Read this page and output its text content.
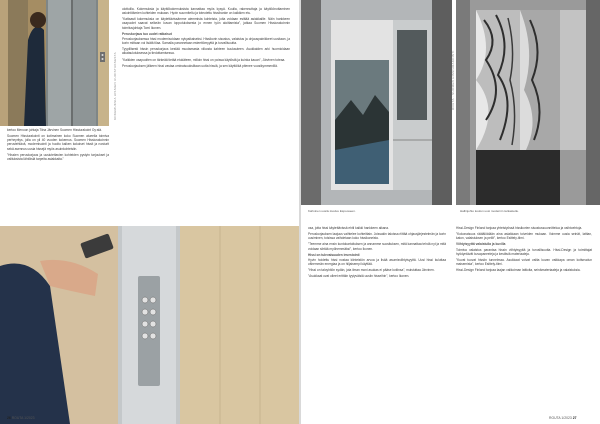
kertoo Menoon johtaja Tiina Järvinen Suomen Hissiurakoint Oy:stä.

Suomen Hissiurakointi on kotimainen koko Suomen alueella toimiva perheyritys, jolla on yli 40 vuoden kokemus. Suomen Hissiurakoinnin perustehtävä, modernisointi ja huolto kaiken kokoiset hissit ja nosturit sekä asennus uusia hissejä myös asuinkohteisiin.

"Hissien peruskorjaus ja uusiutettavien kohteiden pystyin tarjoukset ja valituksista lähtöisiä tarpeita asiakkaita."

KOKEMUKSIA HISSIEN UUDISTUKSESTA

ulottuilla. Kokemuksia ja käyttökokemuksista kannattaa myös kysyä. Kuulla, rakennuttaja ja käyttöönottaminen asiointitämien kohteiden mukaan. Hyvin suunniteltu ja toteutettu hissihanke on kaikkien etu.

"Kattaasti kokemuksia on käytettävissämme aiemmista kohteista, joita voidaan esittää asiakkaille. Näin hankkeen osapuolet saavat selkeän kuvan lopputuloksesta jo ennen työn aloittamista", jatkaa Suomen Hissiurakoinnin toimitusjohtaja Tomi Ikonen.

Peruskorjaus tuo uudet ratkaisut

Peruskorjauksessa hissi modernisoidaan nykyaikaiseksi. Hissikorin sisustus, valaistus ja ohjauspainikkeet uusitaan, ja korin mittaan voi lisätä tilaa. Samalla parannetaan esteettömyyttä ja turvallisuutta.

Tyypillisesti hissin peruskorjaus kestää muutamasta viikosta kahteen kuukauteen. Asukkaiden arki huomioidaan aikataulutuksessa ja tiedottamisessa.

"Kaikkien osapuolten on tärkeää tietää etukäteen, milloin hissi on poissa käytöstä ja kuinka kauan", Järvinen toteaa.

Peruskorjauksen jälkeen hissi vastaa ominaisuuksiltaan uutta hissiä, ja sen käyttöikä pitenee vuosikymmenillä.

26 ROUTA 1/2023
Kahvinen uusitu kuuluu Espooseen.	Hallinjohto koulun uusi modernin tarkastettu.
ROUTA · SUOMEN HISSIURAKOINTI

osa, jotta hissi käytettävissä ehtii kaikki hankkeen aikana.

Peruskorjauksen laajuus vaihtelee kohteittain. Joissakin taloissa riittää ohjausjärjestelmän ja korin uusiminen, toisissa vaihdetaan koko hissikoneisto.

"Teemme aina ensin kuntokartoituksen ja annamme suosituksen, mitä kannattaa tehdä nyt ja mitä voidaan siirtää myöhemmäksi", kertoo Ikonen.

Hissi on tulevaisuuden investointi

Hyvin hoidettu hissi nostaa kiinteistön arvoa ja lisää asumisviihtyisyyttä. Uusi hissi kuluttaa vähemmän energiaa ja on hiljaisempi käyttää.

"Hissi on taloyhtiön sydän, jota ilman moni asukas ei pääse kotiinsa", muistuttaa Järvinen.

"Asukkaat ovat olleet erittäin tyytyväisiä uusiin hisseihin", kertoo Ikonen.

Hissi-Design Finland tarjoaa yhteistyössä hissikorien sisustussuunnittelua ja vaihtoehtoja.

"Kokonaisuus räätälöidään aina asiakkaan toiveiden mukaan. Voimme uusia seinät, lattian, katon, valaistuksen ja peilit", kertoo Esittely-tiimi.

Viihtyisyyttä valaistulla ja kuvilla

Toimiva valaistus parantaa hissin viihtyisyyttä ja turvallisuutta. Hissi-Design ja toimittajat hyödyntävät kuvapaneeleja ja kestäviä materiaaleja.

"Kuvat tuovat hissiin tunnelmaa. Asukkaat voivat valita kuvan vaikkapa oman kotiseudun maisemista", kertoo Esittely-tiimi.

Hissi-Design Finland tarjoaa laajan valikoiman lattioita, seinämateriaaleja ja valaistuksia.

ROUTA 1/2023 27
